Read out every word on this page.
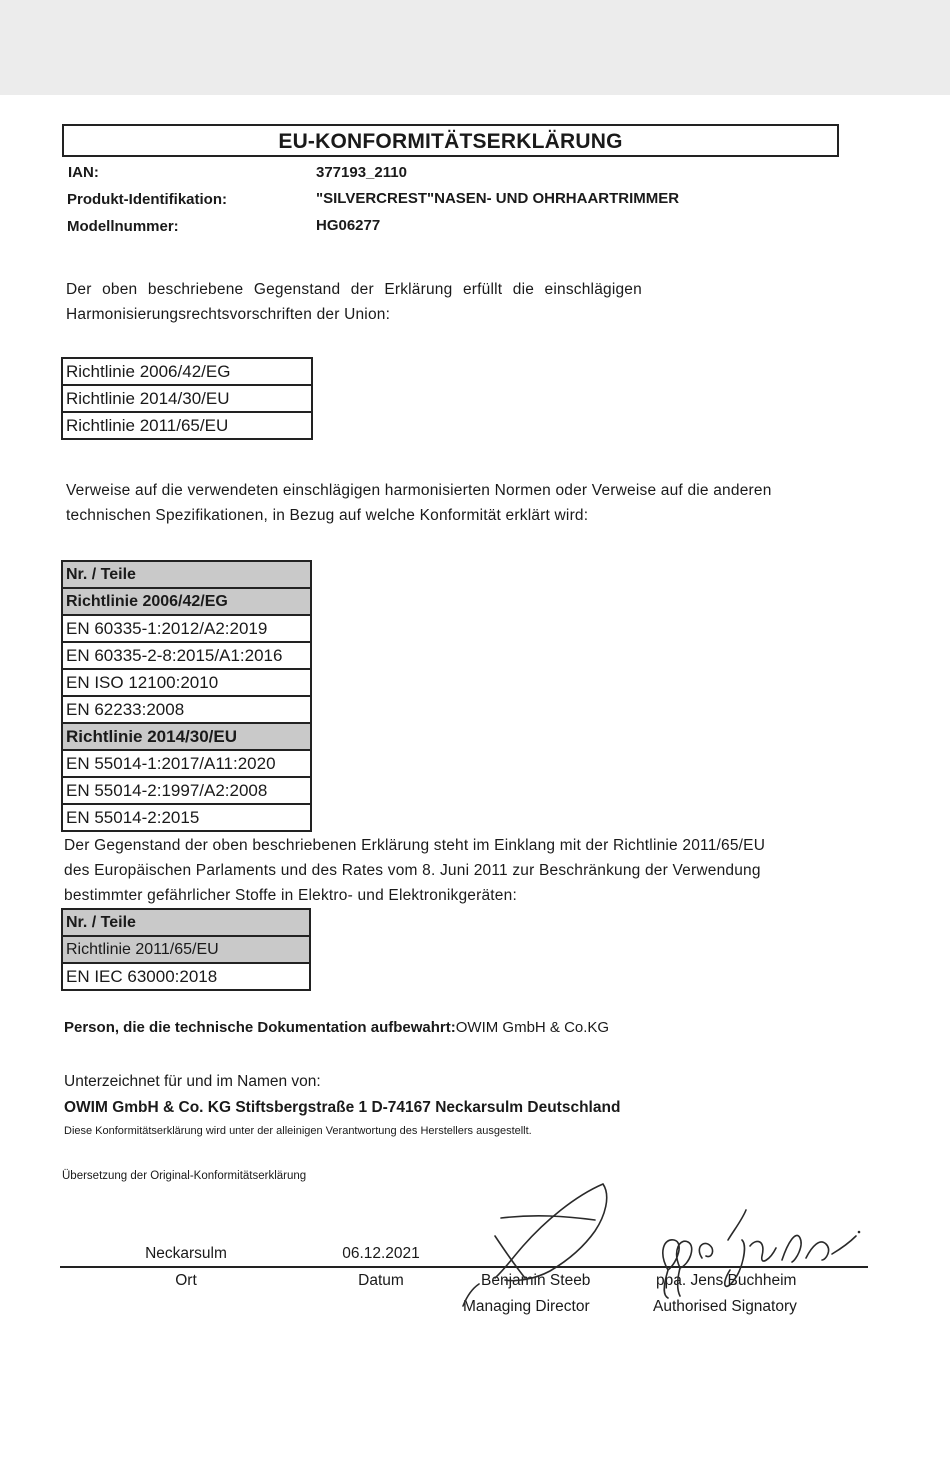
EU-KONFORMITÄTSERKLÄRUNG
IAN:	377193_2110
Produkt-Identifikation:	"SILVERCREST"NASEN- UND OHRHAARTRIMMER
Modellnummer:	HG06277
Der oben beschriebene Gegenstand der Erklärung erfüllt die einschlägigen
Harmonisierungsrechtsvorschriften der Union:
Richtlinie 2006/42/EG
Richtlinie 2014/30/EU
Richtlinie 2011/65/EU
Verweise auf die verwendeten einschlägigen harmonisierten Normen oder Verweise auf die anderen
technischen Spezifikationen, in Bezug auf welche Konformität erklärt wird:
Nr. / Teile
Richtlinie 2006/42/EG
EN 60335-1:2012/A2:2019
EN 60335-2-8:2015/A1:2016
EN ISO 12100:2010
EN 62233:2008
Richtlinie 2014/30/EU
EN 55014-1:2017/A11:2020
EN 55014-2:1997/A2:2008
EN 55014-2:2015
Der Gegenstand der oben beschriebenen Erklärung steht im Einklang mit der Richtlinie 2011/65/EU
des Europäischen Parlaments und des Rates vom 8. Juni 2011 zur Beschränkung der Verwendung
bestimmter gefährlicher Stoffe in Elektro- und Elektronikgeräten:
Nr. / Teile
Richtlinie 2011/65/EU
EN IEC 63000:2018
Person, die die technische Dokumentation aufbewahrt:OWIM GmbH & Co.KG
Unterzeichnet für und im Namen von:
OWIM GmbH & Co. KG Stiftsbergstraße 1 D-74167 Neckarsulm Deutschland
Diese Konformitätserklärung wird unter der alleinigen Verantwortung des Herstellers ausgestellt.
Übersetzung der Original-Konformitätserklärung
Neckarsulm	06.12.2021
Ort	Datum	Benjamin Steeb
Managing Director
ppa. Jens Buchheim
Authorised Signatory
